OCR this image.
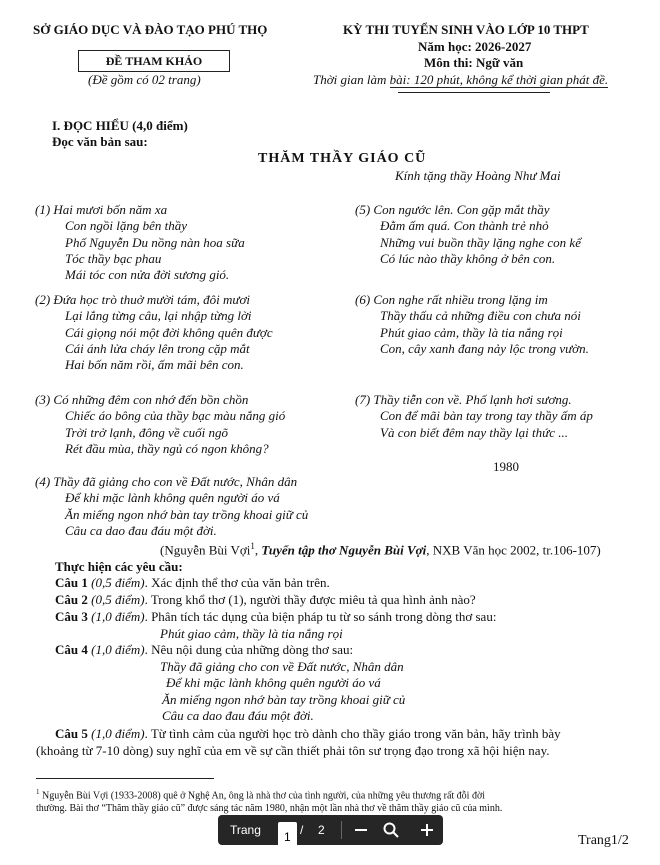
SỞ GIÁO DỤC VÀ ĐÀO TẠO PHÚ THỌ	KỲ THI TUYỂN SINH VÀO LỚP 10 THPT
Năm học: 2026-2027
ĐỀ THAM KHẢO	Môn thi: Ngữ văn
(Đề gồm có 02 trang)	Thời gian làm bài: 120 phút, không kể thời gian phát đề.
I. ĐỌC HIỂU (4,0 điểm)
Đọc văn bản sau:
THĂM THẦY GIÁO CŨ
Kính tặng thầy Hoàng Như Mai
(1) Hai mươi bốn năm xa
Con ngồi lặng bên thầy
Phố Nguyễn Du nồng nàn hoa sữa
Tóc thầy bạc phau
Mái tóc con nửa đời sương gió.
(5) Con ngước lên. Con gặp mắt thầy
Đằm ấm quá. Con thành trẻ nhỏ
Những vui buồn thầy lặng nghe con kể
Có lúc nào thầy không ở bên con.
(2) Đứa học trò thuở mười tám, đôi mươi
Lại lắng từng câu, lại nhập từng lời
Cái giọng nói một đời không quên được
Cái ánh lửa cháy lên trong cặp mắt
Hai bốn năm rồi, ấm mãi bên con.
(6) Con nghe rất nhiều trong lặng im
Thầy thấu cả những điều con chưa nói
Phút giao cảm, thầy là tia nắng rọi
Con, cây xanh đang nảy lộc trong vườn.
(3) Có những đêm con nhớ đến bồn chồn
Chiếc áo bông của thầy bạc màu nắng gió
Trời trở lạnh, đông về cuối ngõ
Rét đầu mùa, thầy ngủ có ngon không?
(7) Thầy tiễn con về. Phố lạnh hơi sương.
Con để mãi bàn tay trong tay thầy ấm áp
Và con biết đêm nay thầy lại thức ...
1980
(4) Thầy đã giảng cho con về Đất nước, Nhân dân
Để khi mặc lành không quên người áo vá
Ăn miếng ngon nhớ bàn tay trồng khoai giữ củ
Câu ca dao đau đáu một đời.
(Nguyễn Bùi Vợi$^1$, Tuyển tập thơ Nguyễn Bùi Vợi, NXB Văn học 2002, tr.106-107)
Thực hiện các yêu cầu:
Câu 1 (0,5 điểm). Xác định thể thơ của văn bản trên.
Câu 2 (0,5 điểm). Trong khổ thơ (1), người thầy được miêu tả qua hình ảnh nào?
Câu 3 (1,0 điểm). Phân tích tác dụng của biện pháp tu từ so sánh trong dòng thơ sau:
Phút giao cảm, thầy là tia nắng rọi
Câu 4 (1,0 điểm). Nêu nội dung của những dòng thơ sau:
Thầy đã giảng cho con về Đất nước, Nhân dân
Để khi mặc lành không quên người áo vá
Ăn miếng ngon nhớ bàn tay trồng khoai giữ củ
Câu ca dao đau đáu một đời.
Câu 5 (1,0 điểm). Từ tình cảm của người học trò dành cho thầy giáo trong văn bản, hãy trình bày
(khoảng từ 7-10 dòng) suy nghĩ của em về sự cần thiết phải tôn sư trọng đạo trong xã hội hiện nay.
$^1$ Nguyễn Bùi Vợi (1933-2008) quê ở Nghệ An, ông là nhà thơ của tình người, của những yêu thương rất đỗi đời
thường. Bài thơ “Thăm thầy giáo cũ” được sáng tác năm 1980, nhận một lần nhà thơ về thăm thầy giáo cũ của mình.
Trang	1 / 2
Trang1/2
